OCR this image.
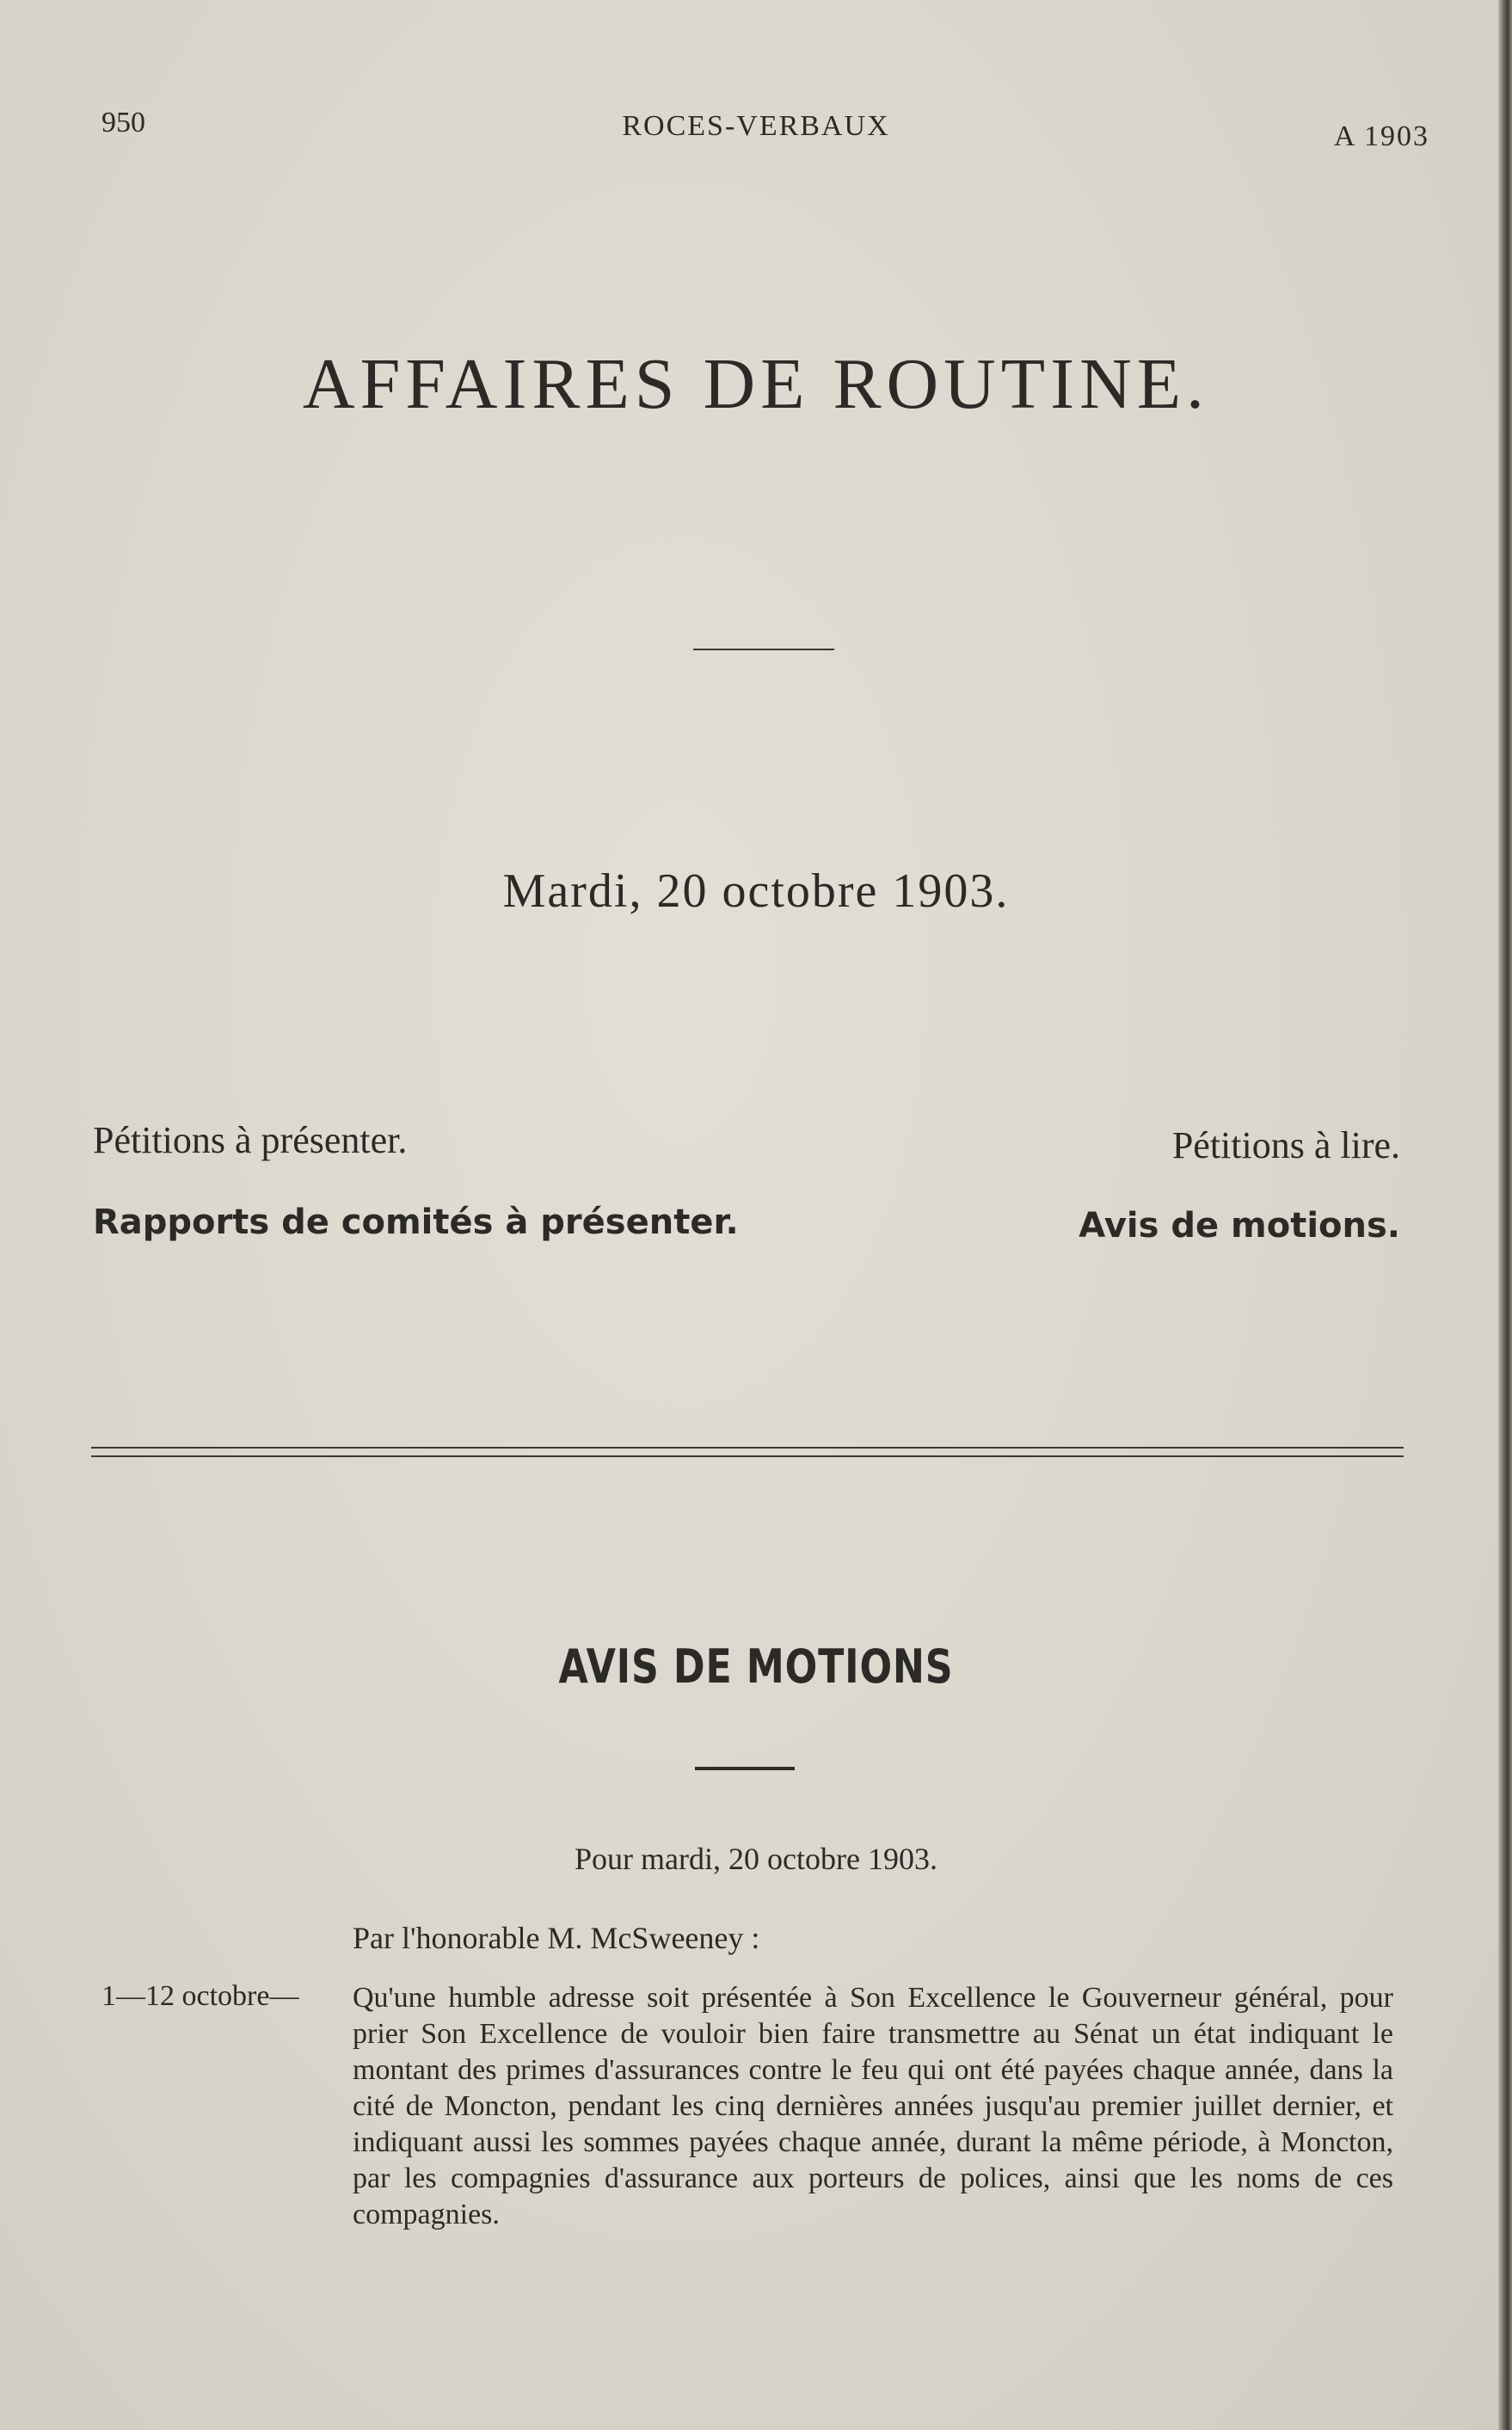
950	ROCES-VERBAUX	A 1903
AFFAIRES DE ROUTINE.
Mardi, 20 octobre 1903.
Pétitions à présenter.	Pétitions à lire.
Rapports de comités à présenter.	Avis de motions.
AVIS DE MOTIONS
Pour mardi, 20 octobre 1903.
Par l'honorable M. McSweeney :
1—12 octobre— Qu'une humble adresse soit présentée à Son Excellence le Gouverneur général, pour prier Son Excellence de vouloir bien faire transmettre au Sénat un état indiquant le montant des primes d'assurances contre le feu qui ont été payées chaque année, dans la cité de Moncton, pendant les cinq dernières années jusqu'au premier juillet dernier, et indiquant aussi les sommes payées chaque année, durant la même période, à Moncton, par les compagnies d'assurance aux porteurs de polices, ainsi que les noms de ces compagnies.
